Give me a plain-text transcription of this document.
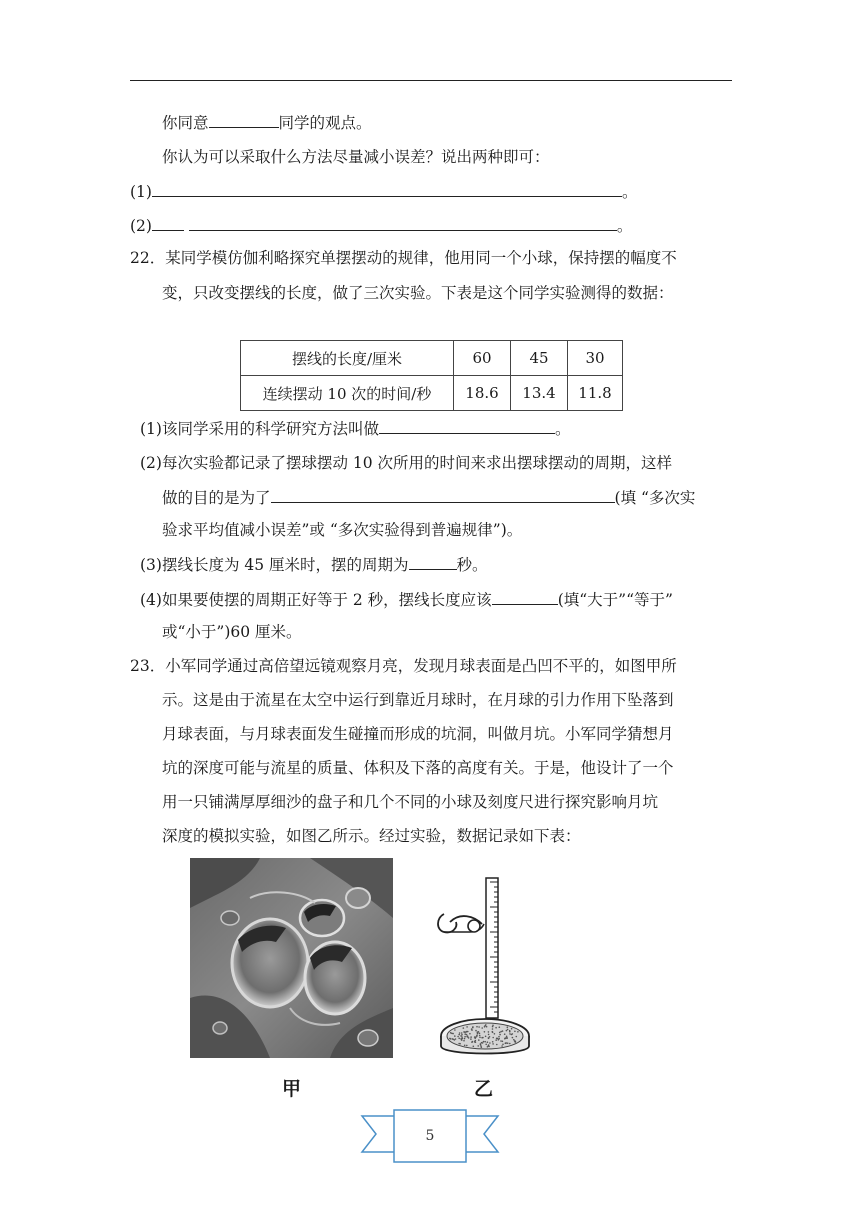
你同意	同学的观点。
你认为可以采取什么方法尽量减小误差？说出两种即可：
(1)	。
(2)	。
22．某同学模仿伽利略探究单摆摆动的规律，他用同一个小球，保持摆的幅度不
变，只改变摆线的长度，做了三次实验。下表是这个同学实验测得的数据：
摆线的长度/厘米	60	45	30
连续摆动 10 次的时间/秒	18.6	13.4	11.8
(1)该同学采用的科学研究方法叫做	。
(2)每次实验都记录了摆球摆动 10 次所用的时间来求出摆球摆动的周期，这样
做的目的是为了	(填 “多次实
验求平均值减小误差”或 “多次实验得到普遍规律”)。
(3)摆线长度为 45 厘米时，摆的周期为	秒。
(4)如果要使摆的周期正好等于 2 秒，摆线长度应该	(填“大于”“等于”
或“小于”)60 厘米。
23．小军同学通过高倍望远镜观察月亮，发现月球表面是凸凹不平的，如图甲所
示。这是由于流星在太空中运行到靠近月球时，在月球的引力作用下坠落到
月球表面，与月球表面发生碰撞而形成的坑洞，叫做月坑。小军同学猜想月
坑的深度可能与流星的质量、体积及下落的高度有关。于是，他设计了一个
用一只铺满厚厚细沙的盘子和几个不同的小球及刻度尺进行探究影响月坑
深度的模拟实验，如图乙所示。经过实验，数据记录如下表：
甲	乙
5
